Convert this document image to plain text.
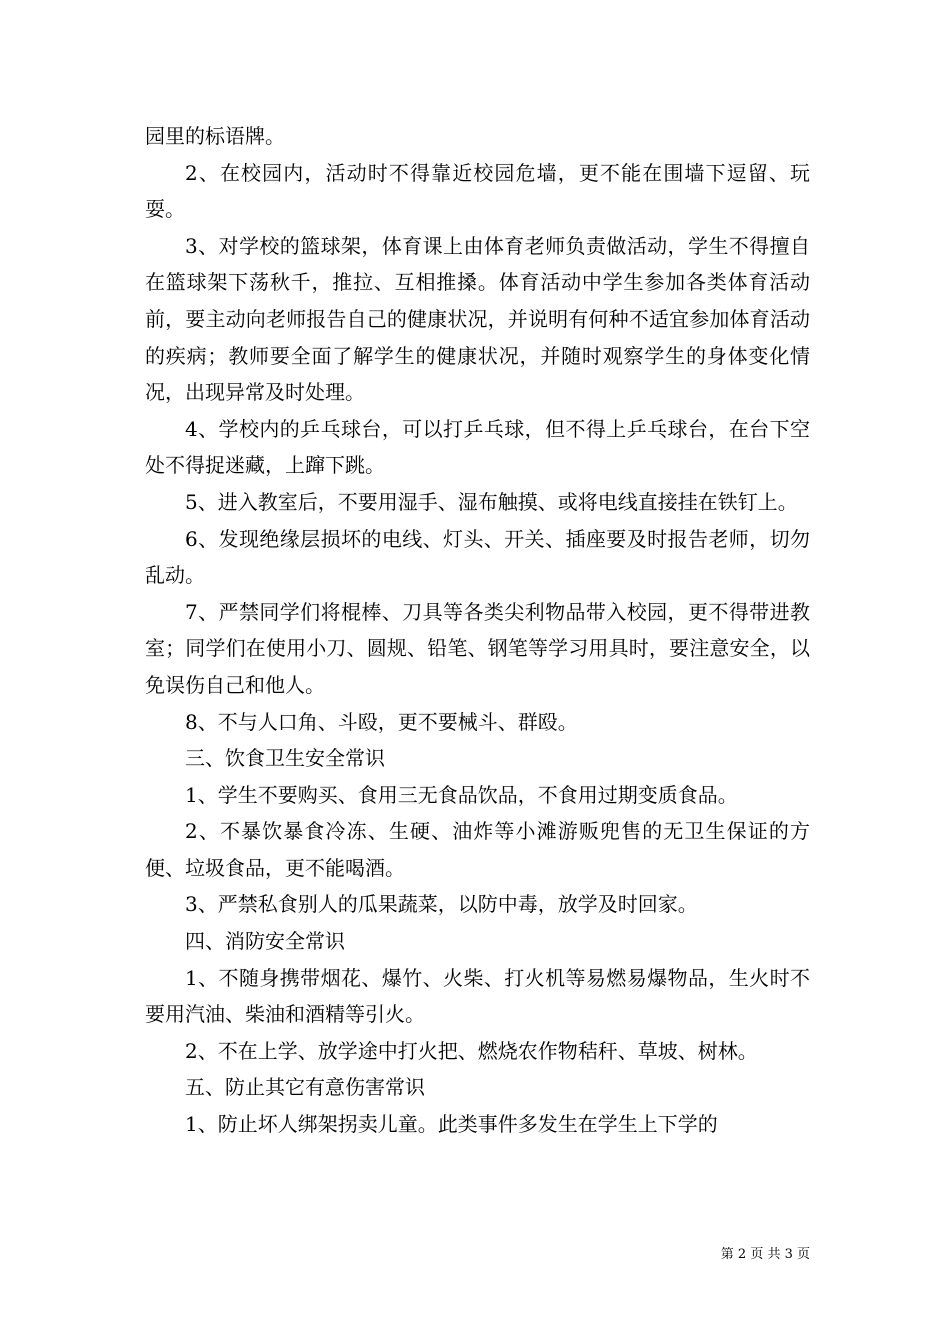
园里的标语牌。

2、在校园内，活动时不得靠近校园危墙，更不能在围墙下逗留、玩耍。

3、对学校的篮球架，体育课上由体育老师负责做活动，学生不得擅自在篮球架下荡秋千，推拉、互相推搡。体育活动中学生参加各类体育活动前，要主动向老师报告自己的健康状况，并说明有何种不适宜参加体育活动的疾病；教师要全面了解学生的健康状况，并随时观察学生的身体变化情况，出现异常及时处理。

4、学校内的乒乓球台，可以打乒乓球，但不得上乒乓球台，在台下空处不得捉迷藏，上蹿下跳。

5、进入教室后，不要用湿手、湿布触摸、或将电线直接挂在铁钉上。

6、发现绝缘层损坏的电线、灯头、开关、插座要及时报告老师，切勿乱动。

7、严禁同学们将棍棒、刀具等各类尖利物品带入校园，更不得带进教室；同学们在使用小刀、圆规、铅笔、钢笔等学习用具时，要注意安全，以免误伤自己和他人。

8、不与人口角、斗殴，更不要械斗、群殴。

三、饮食卫生安全常识

1、学生不要购买、食用三无食品饮品，不食用过期变质食品。

2、不暴饮暴食冷冻、生硬、油炸等小滩游贩兜售的无卫生保证的方便、垃圾食品，更不能喝酒。

3、严禁私食别人的瓜果蔬菜，以防中毒，放学及时回家。

四、消防安全常识

1、不随身携带烟花、爆竹、火柴、打火机等易燃易爆物品，生火时不要用汽油、柴油和酒精等引火。

2、不在上学、放学途中打火把、燃烧农作物秸秆、草坡、树林。

五、防止其它有意伤害常识

1、防止坏人绑架拐卖儿童。此类事件多发生在学生上下学的

第 2 页 共 3 页
